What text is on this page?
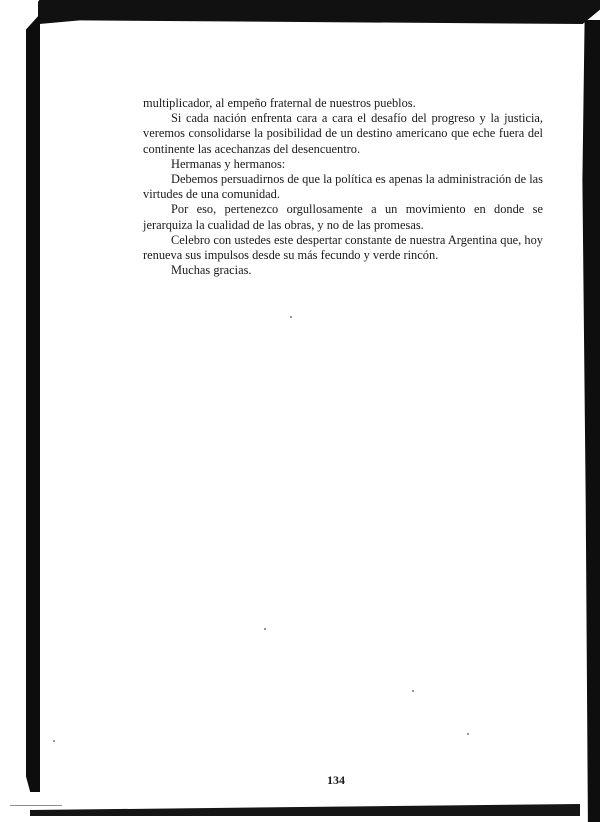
multiplicador, al empeño fraternal de nuestros pueblos.

Si cada nación enfrenta cara a cara el desafío del progreso y la justicia, veremos consolidarse la posibilidad de un destino americano que eche fuera del continente las acechanzas del desencuentro.

Hermanas y hermanos:

Debemos persuadirnos de que la política es apenas la administración de las virtudes de una comunidad.

Por eso, pertenezco orgullosamente a un movimiento en donde se jerarquiza la cualidad de las obras, y no de las promesas.

Celebro con ustedes este despertar constante de nuestra Argentina que, hoy renueva sus impulsos desde su más fecundo y verde rincón.

Muchas gracias.

134
